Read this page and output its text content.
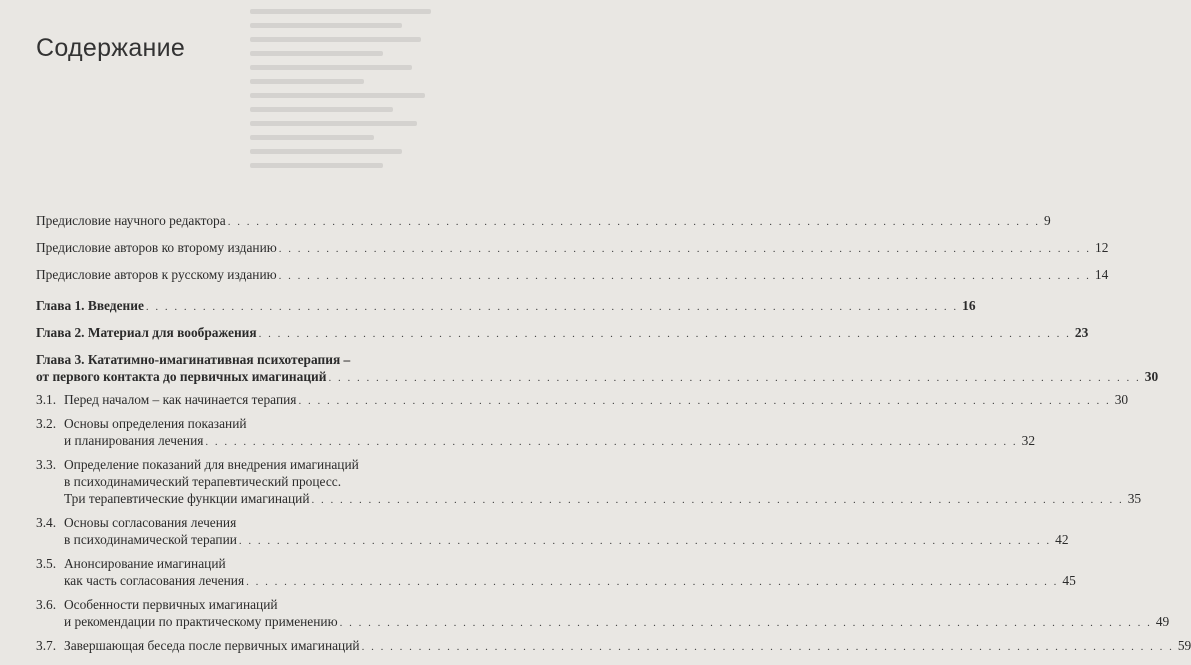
Содержание
Предисловие научного редактора . . .	9
Предисловие авторов ко второму изданию . . .	12
Предисловие авторов к русскому изданию . . .	14
Глава 1. Введение . . .	16
Глава 2. Материал для воображения . . .	23
Глава 3. Кататимно-имагинативная психотерапия –
от первого контакта до первичных имагинаций . . .	30
3.1. Перед началом – как начинается терапия . . .	30
3.2. Основы определения показаний
и планирования лечения . . .	32
3.3. Определение показаний для внедрения имагинаций
в психодинамический терапевтический процесс.
Три терапевтические функции имагинаций . . .	35
3.4. Основы согласования лечения
в психодинамической терапии . . .	42
3.5. Анонсирование имагинаций
как часть согласования лечения . . .	45
3.6. Особенности первичных имагинаций
и рекомендации по практическому применению . . .	49
3.7. Завершающая беседа после первичных имагинаций . . .	59
